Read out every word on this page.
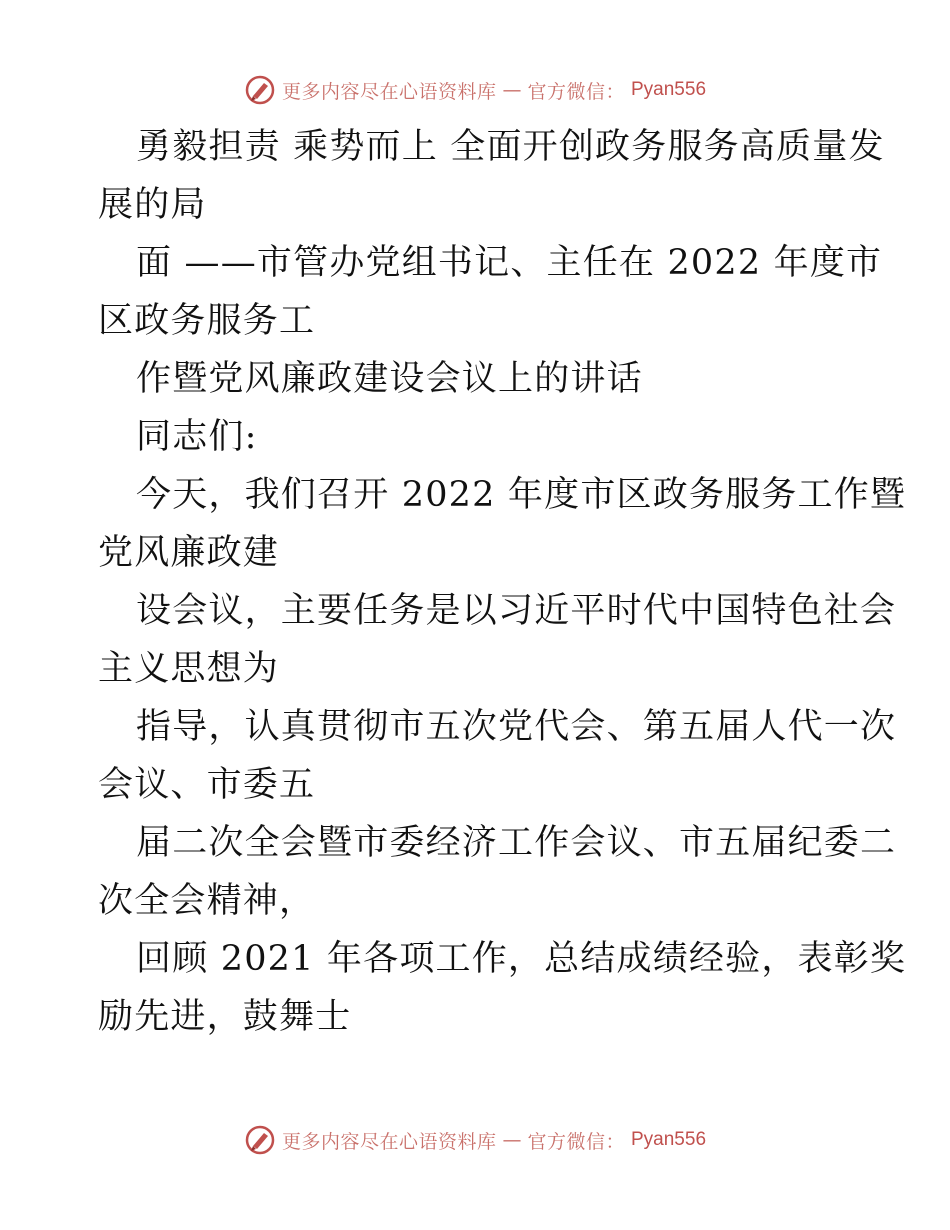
更多内容尽在心语资料库 — 官方微信： Pyan556
勇毅担责 乘势而上 全面开创政务服务高质量发
展的局
面 ——市管办党组书记、主任在 2022 年度市
区政务服务工
作暨党风廉政建设会议上的讲话
同志们:
今天，我们召开 2022 年度市区政务服务工作暨
党风廉政建
设会议，主要任务是以习近平时代中国特色社会
主义思想为
指导，认真贯彻市五次党代会、第五届人代一次
会议、市委五
届二次全会暨市委经济工作会议、市五届纪委二
次全会精神，
回顾 2021 年各项工作，总结成绩经验，表彰奖
励先进，鼓舞士
更多内容尽在心语资料库 — 官方微信： Pyan556
